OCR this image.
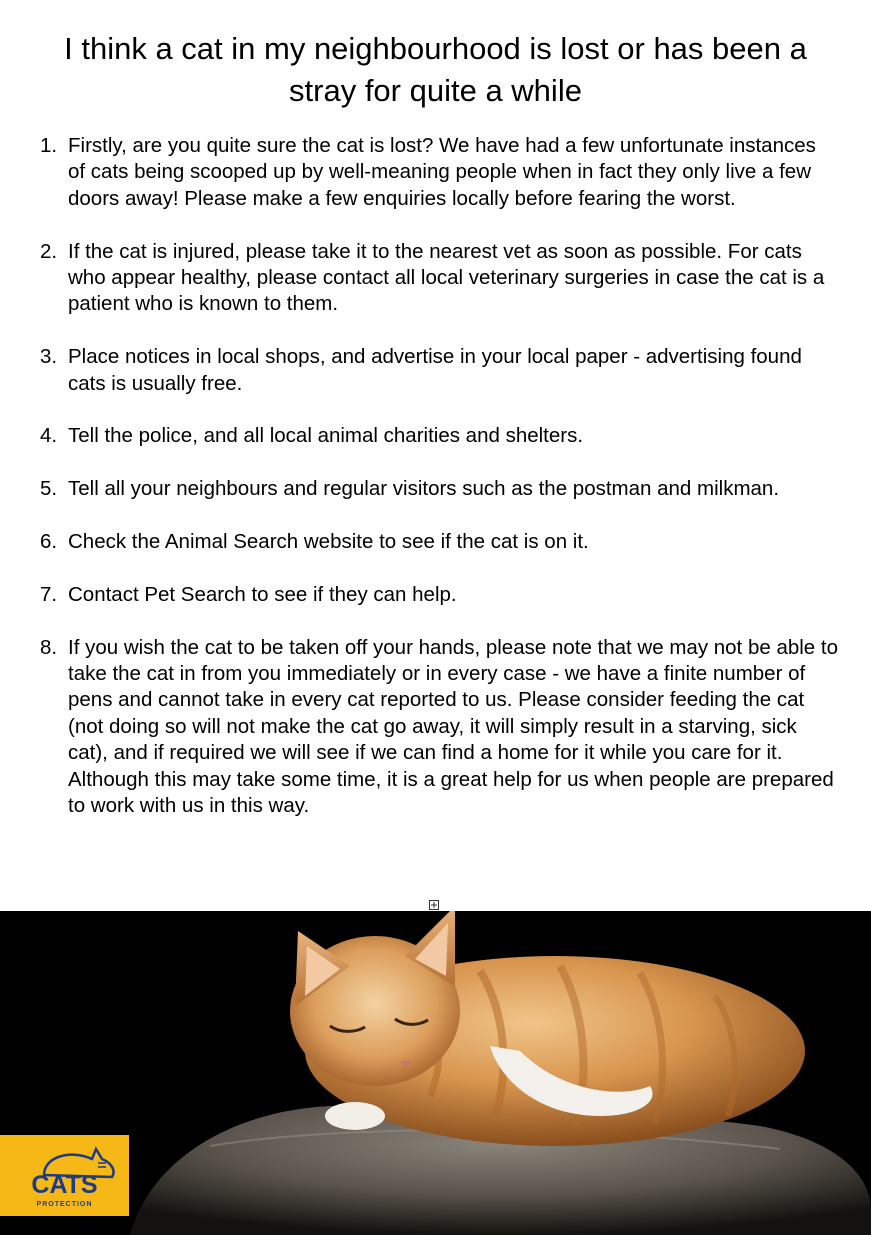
I think a cat in my neighbourhood is lost or has been a stray for quite a while
1. Firstly, are you quite sure the cat is lost? We have had a few unfortunate instances of cats being scooped up by well-meaning people when in fact they only live a few doors away! Please make a few enquiries locally before fearing the worst.
2. If the cat is injured, please take it to the nearest vet as soon as possible. For cats who appear healthy, please contact all local veterinary surgeries in case the cat is a patient who is known to them.
3. Place notices in local shops, and advertise in your local paper - advertising found cats is usually free.
4. Tell the police, and all local animal charities and shelters.
5. Tell all your neighbours and regular visitors such as the postman and milkman.
6. Check the Animal Search website to see if the cat is on it.
7. Contact Pet Search to see if they can help.
8. If you wish the cat to be taken off your hands, please note that we may not be able to take the cat in from you immediately or in every case - we have a finite number of pens and cannot take in every cat reported to us. Please consider feeding the cat (not doing so will not make the cat go away, it will simply result in a starving, sick cat), and if required we will see if we can find a home for it while you care for it. Although this may take some time, it is a great help for us when people are prepared to work with us in this way.
CATS
PROTECTION
